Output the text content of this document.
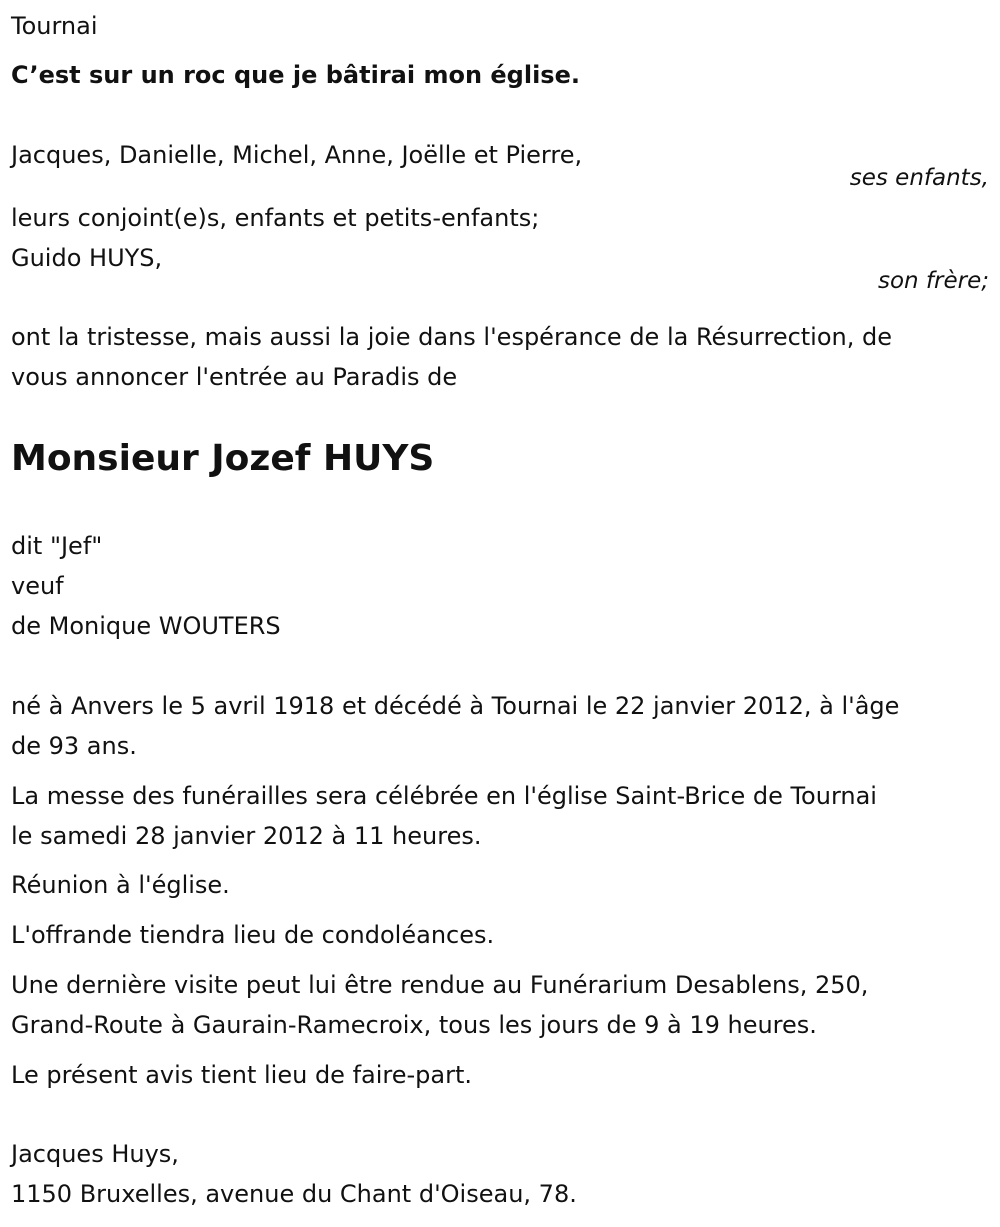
Tournai
C’est sur un roc que je bâtirai mon église.
Jacques, Danielle, Michel, Anne, Joëlle et Pierre,
ses enfants,
leurs conjoint(e)s, enfants et petits-enfants;
Guido HUYS,
son frère;
ont la tristesse, mais aussi la joie dans l'espérance de la Résurrection, de
vous annoncer l'entrée au Paradis de
Monsieur Jozef HUYS
dit "Jef"
veuf
de Monique WOUTERS
né à Anvers le 5 avril 1918 et décédé à Tournai le 22 janvier 2012, à l'âge
de 93 ans.
La messe des funérailles sera célébrée en l'église Saint-Brice de Tournai
le samedi 28 janvier 2012 à 11 heures.
Réunion à l'église.
L'offrande tiendra lieu de condoléances.
Une dernière visite peut lui être rendue au Funérarium Desablens, 250,
Grand-Route à Gaurain-Ramecroix, tous les jours de 9 à 19 heures.
Le présent avis tient lieu de faire-part.
Jacques Huys,
1150 Bruxelles, avenue du Chant d'Oiseau, 78.
